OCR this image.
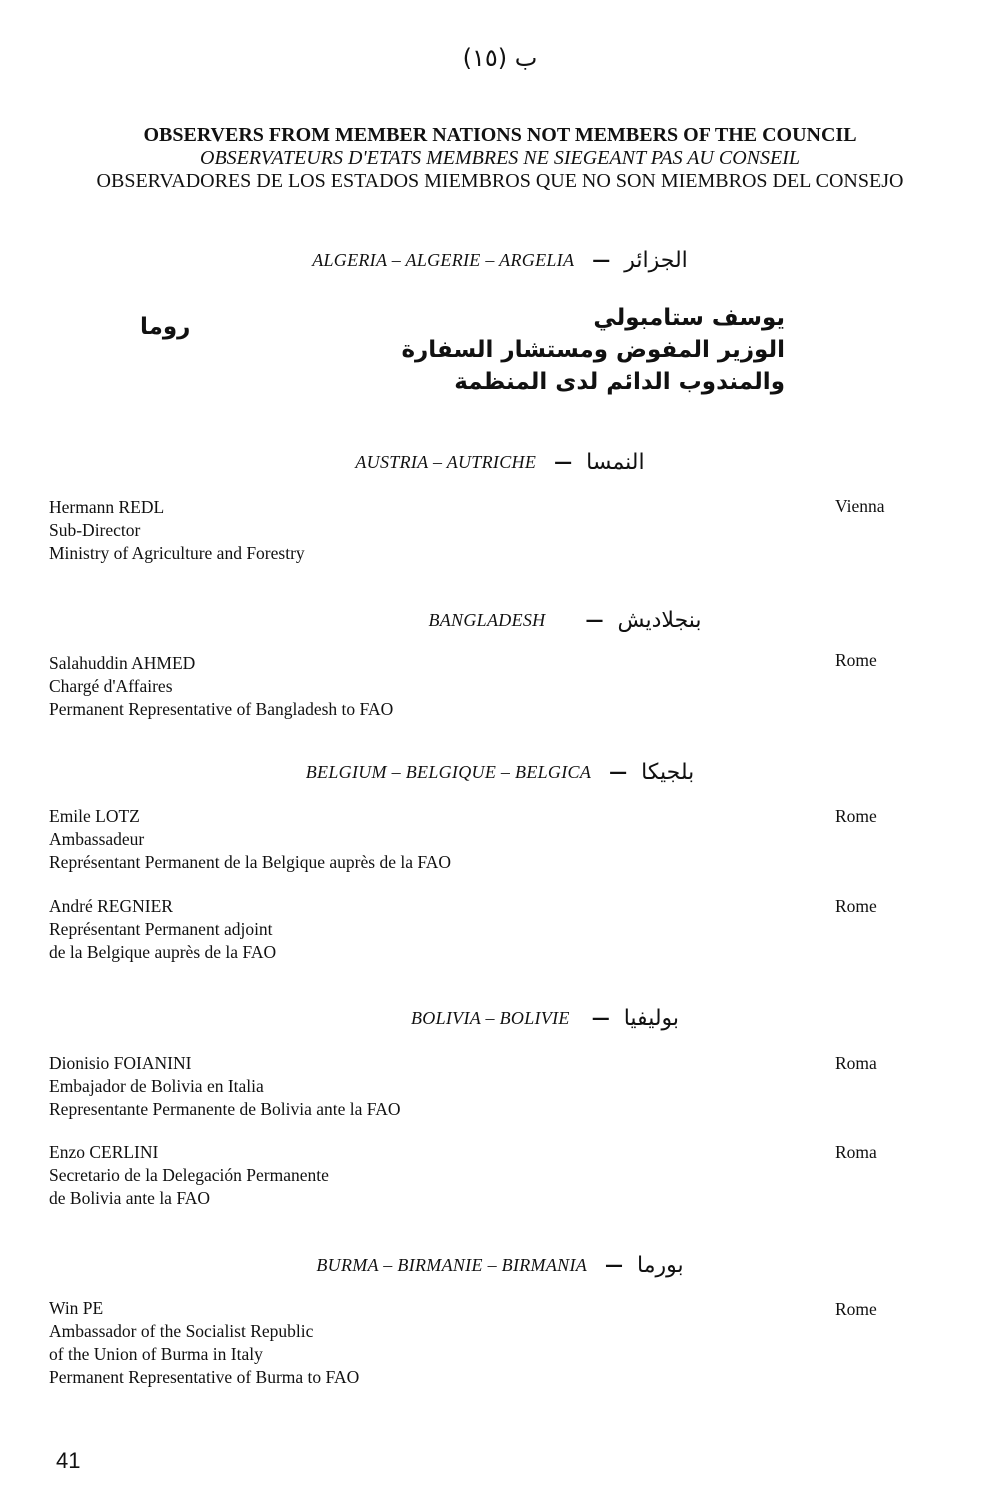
ب (١٥)
OBSERVERS FROM MEMBER NATIONS NOT MEMBERS OF THE COUNCIL
OBSERVATEURS D'ETATS MEMBRES NE SIEGEANT PAS AU CONSEIL
OBSERVADORES DE LOS ESTADOS MIEMBROS QUE NO SON MIEMBROS DEL CONSEJO
ALGERIA – ALGERIE – ARGELIA — الجزائر
يوسف ستامبولي
الوزير المفوض ومستشار السفارة
والمندوب الدائم لدى المنظمة
روما
AUSTRIA – AUTRICHE — النمسا
Hermann REDL
Sub-Director
Ministry of Agriculture and Forestry
Vienna
BANGLADESH — بنجلاديش
Salahuddin AHMED
Chargé d'Affaires
Permanent Representative of Bangladesh to FAO
Rome
BELGIUM – BELGIQUE – BELGICA — بلجيكا
Emile LOTZ
Ambassadeur
Représentant Permanent de la Belgique auprès de la FAO
Rome
André REGNIER
Représentant Permanent adjoint
de la Belgique auprès de la FAO
Rome
BOLIVIA – BOLIVIE — بوليفيا
Dionisio FOIANINI
Embajador de Bolivia en Italia
Representante Permanente de Bolivia ante la FAO
Roma
Enzo CERLINI
Secretario de la Delegación Permanente
de Bolivia ante la FAO
Roma
BURMA – BIRMANIE – BIRMANIA — بورما
Win PE
Ambassador of the Socialist Republic
of the Union of Burma in Italy
Permanent Representative of Burma to FAO
Rome
41
